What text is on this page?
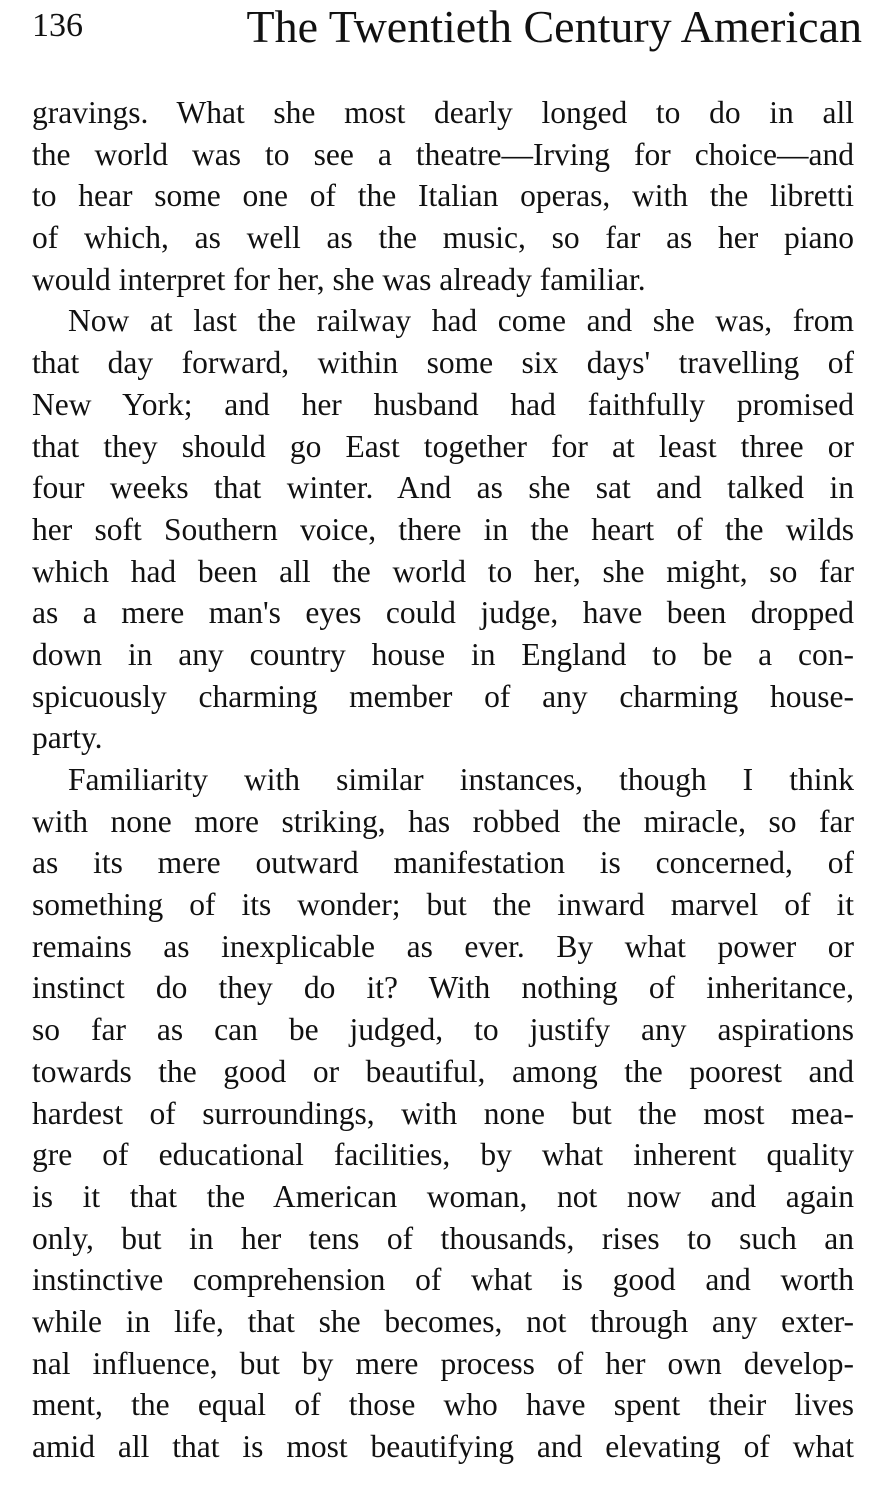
136	The Twentieth Century American
gravings. What she most dearly longed to do in all
the world was to see a theatre—Irving for choice—and
to hear some one of the Italian operas, with the libretti
of which, as well as the music, so far as her piano
would interpret for her, she was already familiar.
Now at last the railway had come and she was, from
that day forward, within some six days' travelling of
New York; and her husband had faithfully promised
that they should go East together for at least three or
four weeks that winter. And as she sat and talked in
her soft Southern voice, there in the heart of the wilds
which had been all the world to her, she might, so far
as a mere man's eyes could judge, have been dropped
down in any country house in England to be a con-
spicuously charming member of any charming house-
party.
Familiarity with similar instances, though I think
with none more striking, has robbed the miracle, so far
as its mere outward manifestation is concerned, of
something of its wonder; but the inward marvel of it
remains as inexplicable as ever. By what power or
instinct do they do it? With nothing of inheritance,
so far as can be judged, to justify any aspirations
towards the good or beautiful, among the poorest and
hardest of surroundings, with none but the most mea-
gre of educational facilities, by what inherent quality
is it that the American woman, not now and again
only, but in her tens of thousands, rises to such an
instinctive comprehension of what is good and worth
while in life, that she becomes, not through any exter-
nal influence, but by mere process of her own develop-
ment, the equal of those who have spent their lives
amid all that is most beautifying and elevating of what
